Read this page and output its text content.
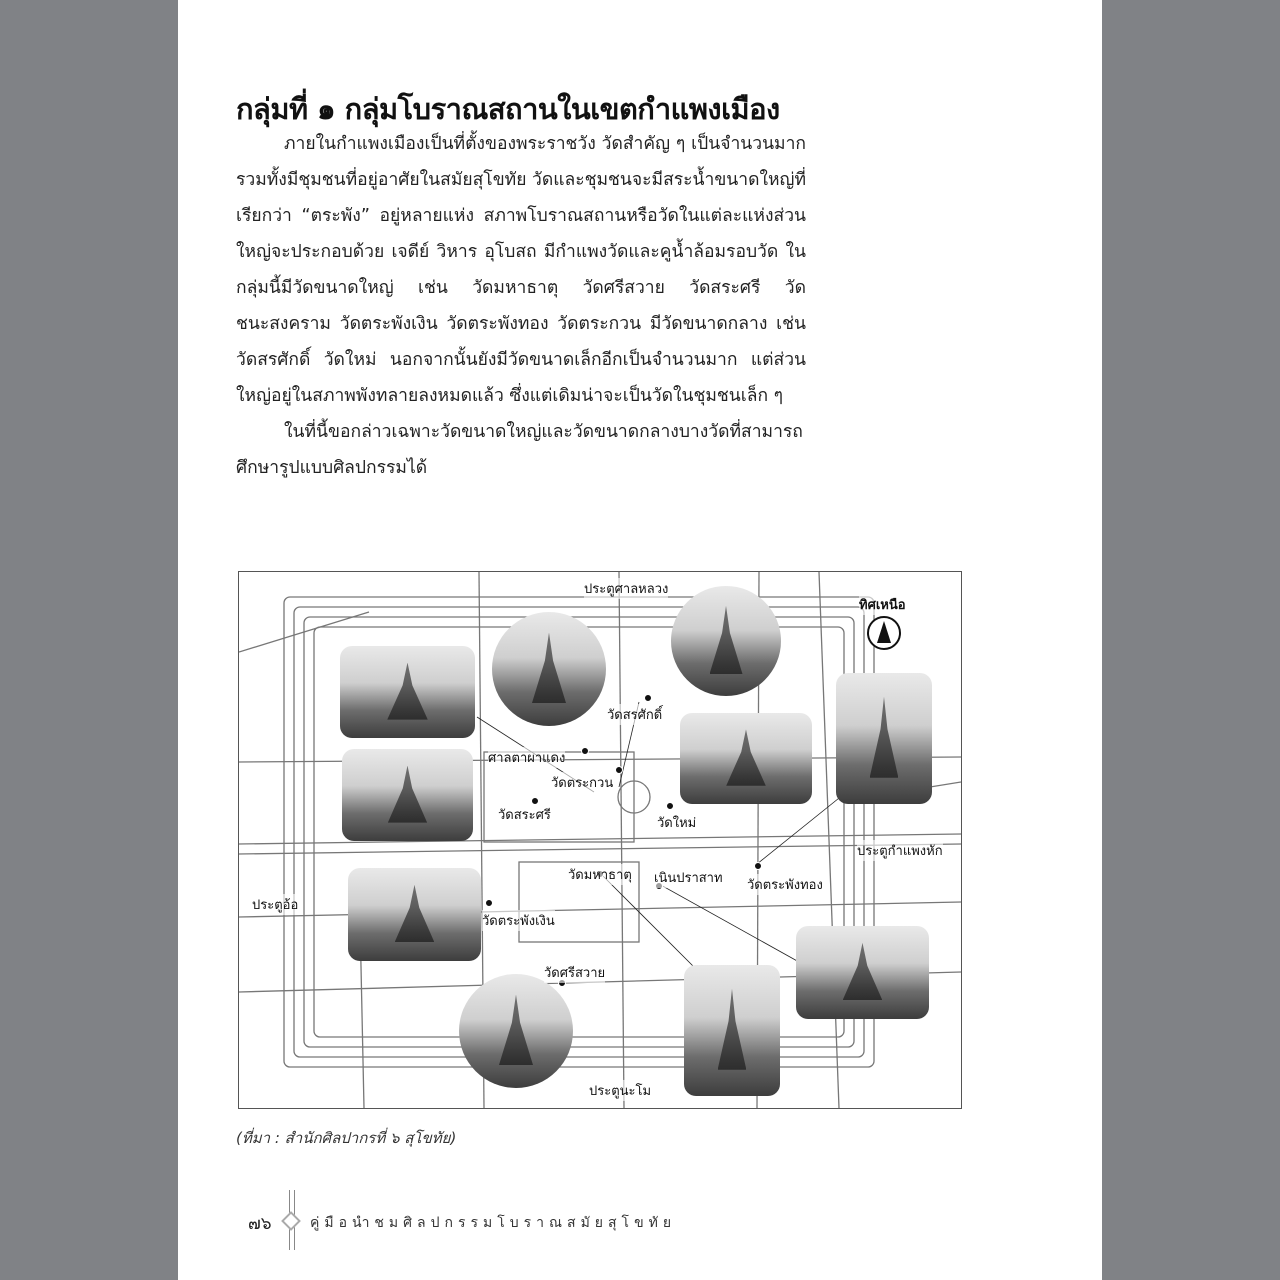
กลุ่มที่ ๑ กลุ่มโบราณสถานในเขตกำแพงเมือง

ภายในกำแพงเมืองเป็นที่ตั้งของพระราชวัง วัดสำคัญ ๆ เป็นจำนวนมาก รวมทั้งมีชุมชนที่อยู่อาศัยในสมัยสุโขทัย วัดและชุมชนจะมีสระน้ำขนาดใหญ่ที่เรียกว่า “ตระพัง” อยู่หลายแห่ง สภาพโบราณสถานหรือวัดในแต่ละแห่งส่วนใหญ่จะประกอบด้วย เจดีย์ วิหาร อุโบสถ มีกำแพงวัดและคูน้ำล้อมรอบวัด ในกลุ่มนี้มีวัดขนาดใหญ่ เช่น วัดมหาธาตุ วัดศรีสวาย วัดสระศรี วัดชนะสงคราม วัดตระพังเงิน วัดตระพังทอง วัดตระกวน มีวัดขนาดกลาง เช่น วัดสรศักดิ์ วัดใหม่ นอกจากนั้นยังมีวัดขนาดเล็กอีกเป็นจำนวนมาก แต่ส่วนใหญ่อยู่ในสภาพพังทลายลงหมดแล้ว ซึ่งแต่เดิมน่าจะเป็นวัดในชุมชนเล็ก ๆ

ในที่นี้ขอกล่าวเฉพาะวัดขนาดใหญ่และวัดขนาดกลางบางวัดที่สามารถศึกษารูปแบบศิลปกรรมได้

ประตูศาลหลวง
ทิศเหนือ
วัดสรศักดิ์
ศาลตาผาแดง
วัดตระกวน
วัดสระศรี
วัดใหม่
ประตูกำแพงหัก
วัดมหาธาตุ เนินปราสาท วัดตระพังทอง
ประตูอ้อ
วัดตระพังเงิน
วัดศรีสวาย
ประตูนะโม
(ที่มา : สำนักศิลปากรที่ ๖ สุโขทัย)
๗๖	คู่มือนำชมศิลปกรรมโบราณสมัยสุโขทัย
